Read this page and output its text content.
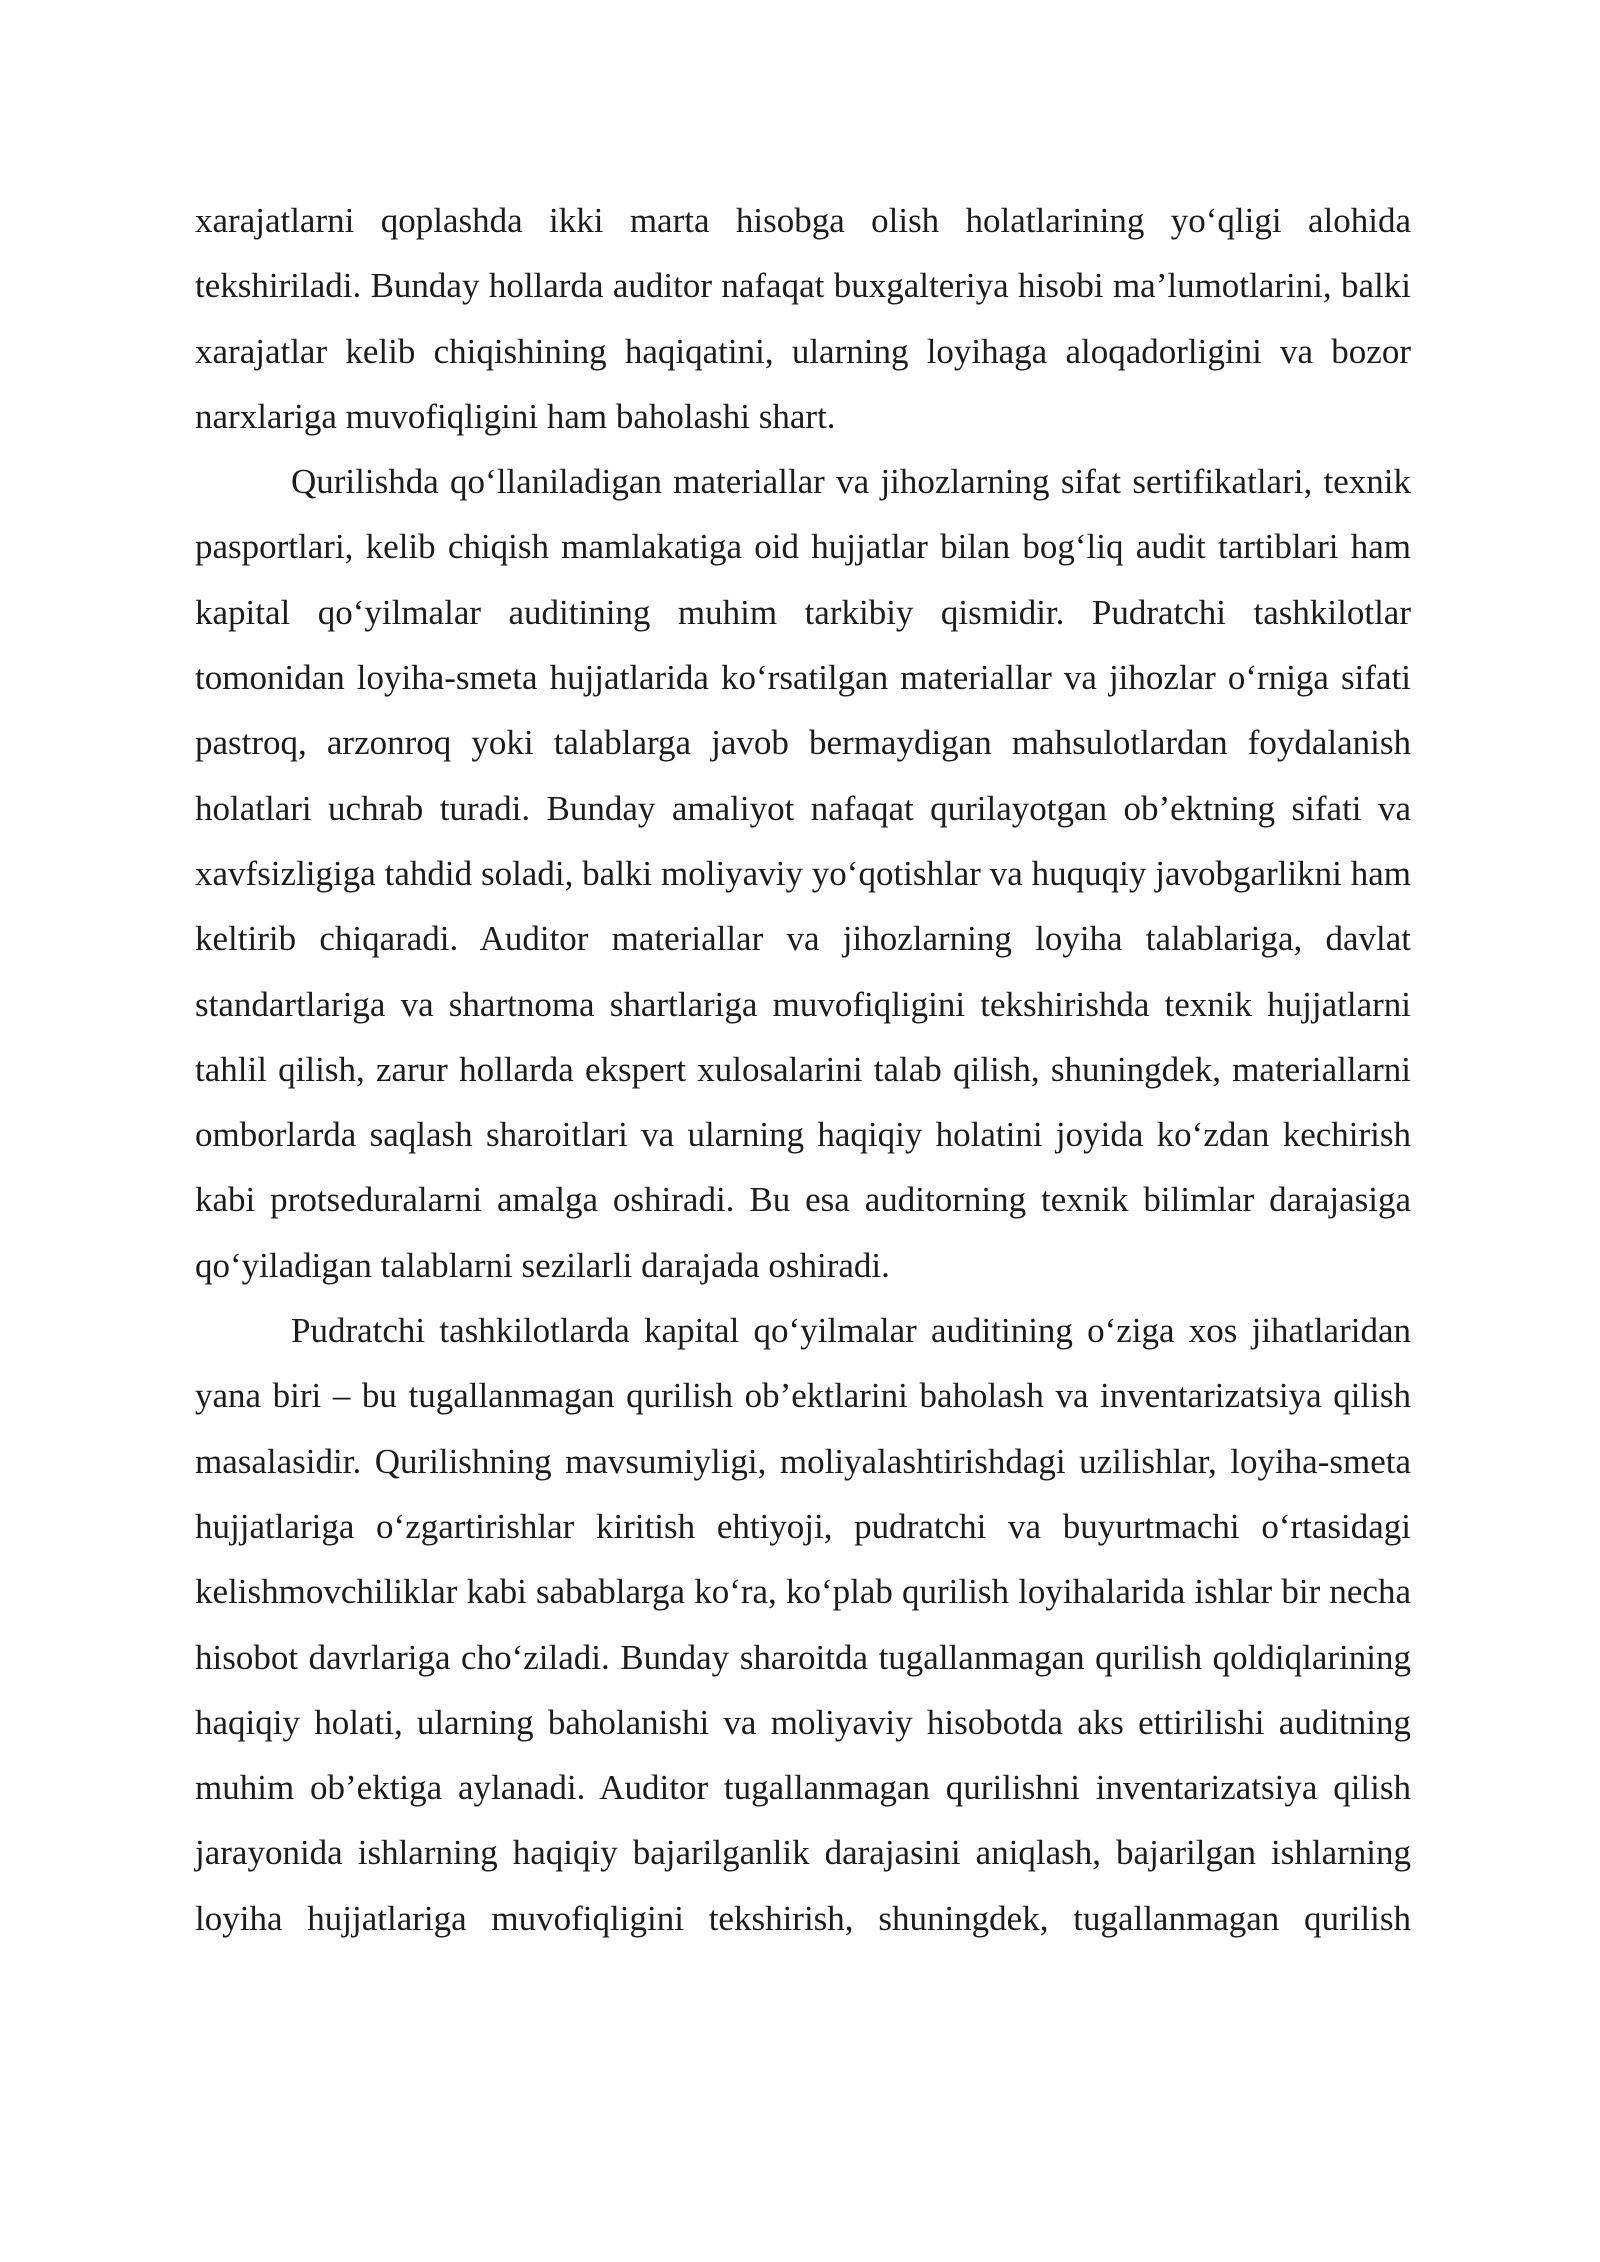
xarajatlarni qoplashda ikki marta hisobga olish holatlarining yo‘qligi alohida tekshiriladi. Bunday hollarda auditor nafaqat buxgalteriya hisobi ma’lumotlarini, balki xarajatlar kelib chiqishining haqiqatini, ularning loyihaga aloqadorligini va bozor narxlariga muvofiqligini ham baholashi shart.

Qurilishda qo‘llaniladigan materiallar va jihozlarning sifat sertifikatlari, texnik pasportlari, kelib chiqish mamlakatiga oid hujjatlar bilan bog‘liq audit tartiblari ham kapital qo‘yilmalar auditining muhim tarkibiy qismidir. Pudratchi tashkilotlar tomonidan loyiha-smeta hujjatlarida ko‘rsatilgan materiallar va jihozlar o‘rniga sifati pastroq, arzonroq yoki talablarga javob bermaydigan mahsulotlardan foydalanish holatlari uchrab turadi. Bunday amaliyot nafaqat qurilayotgan ob’ektning sifati va xavfsizligiga tahdid soladi, balki moliyaviy yo‘qotishlar va huquqiy javobgarlikni ham keltirib chiqaradi. Auditor materiallar va jihozlarning loyiha talablariga, davlat standartlariga va shartnoma shartlariga muvofiqligini tekshirishda texnik hujjatlarni tahlil qilish, zarur hollarda ekspert xulosalarini talab qilish, shuningdek, materiallarni omborlarda saqlash sharoitlari va ularning haqiqiy holatini joyida ko‘zdan kechirish kabi protseduralarni amalga oshiradi. Bu esa auditorning texnik bilimlar darajasiga qo‘yiladigan talablarni sezilarli darajada oshiradi.

Pudratchi tashkilotlarda kapital qo‘yilmalar auditining o‘ziga xos jihatlaridan yana biri – bu tugallanmagan qurilish ob’ektlarini baholash va inventarizatsiya qilish masalasidir. Qurilishning mavsumiyligi, moliyalashtirishdagi uzilishlar, loyiha-smeta hujjatlariga o‘zgartirishlar kiritish ehtiyoji, pudratchi va buyurtmachi o‘rtasidagi kelishmovchiliklar kabi sabablarga ko‘ra, ko‘plab qurilish loyihalarida ishlar bir necha hisobot davrlariga cho‘ziladi. Bunday sharoitda tugallanmagan qurilish qoldiqlarining haqiqiy holati, ularning baholanishi va moliyaviy hisobotda aks ettirilishi auditning muhim ob’ektiga aylanadi. Auditor tugallanmagan qurilishni inventarizatsiya qilish jarayonida ishlarning haqiqiy bajarilganlik darajasini aniqlash, bajarilgan ishlarning loyiha hujjatlariga muvofiqligini tekshirish, shuningdek, tugallanmagan qurilish
